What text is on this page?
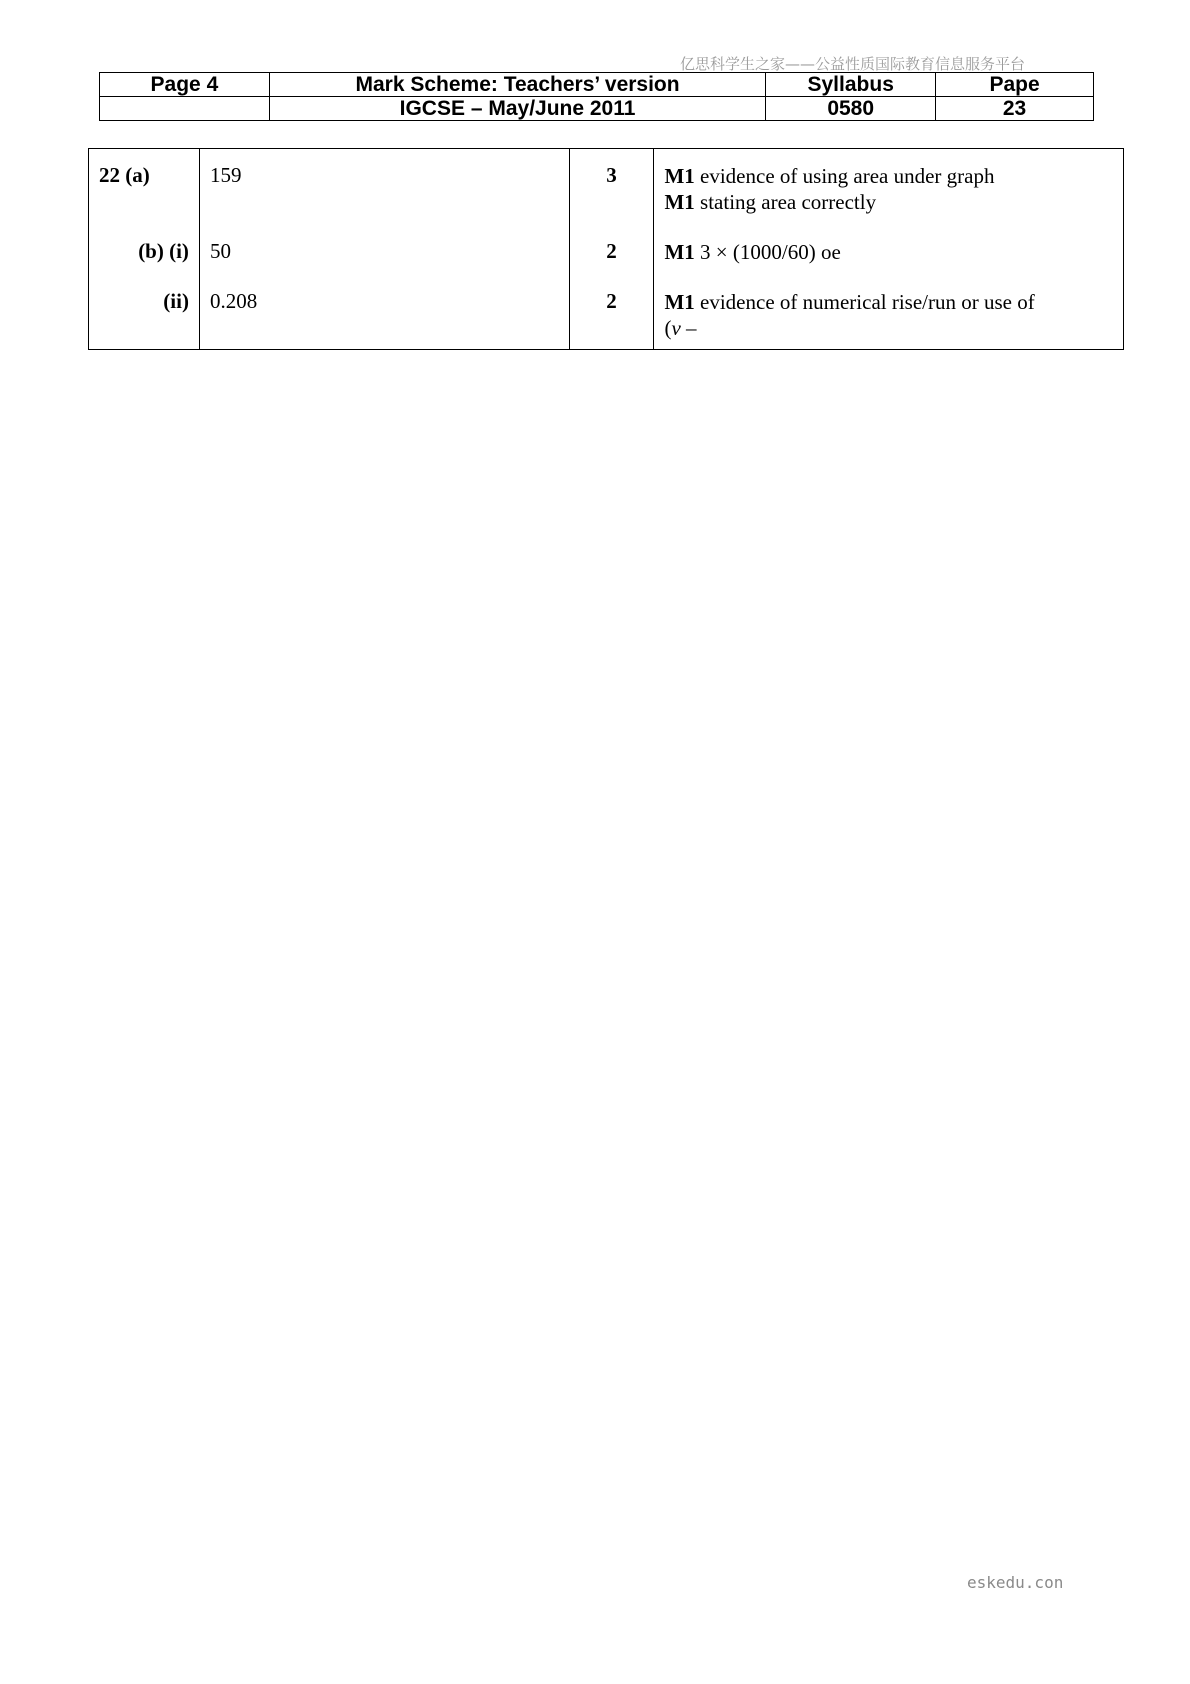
亿思科学生之家——公益性质国际教育信息服务平台
Page 4	Mark Scheme: Teachers’ version	Syllabus	Pape
	IGCSE – May/June 2011	0580	23
22 (a)	159	3	M1 evidence of using area under graph
M1 stating area correctly

(b) (i)	50	2	M1 3 × (1000/60) oe

(ii)	0.208	2	M1 evidence of numerical rise/run or use of
(v –
eskedu.con
